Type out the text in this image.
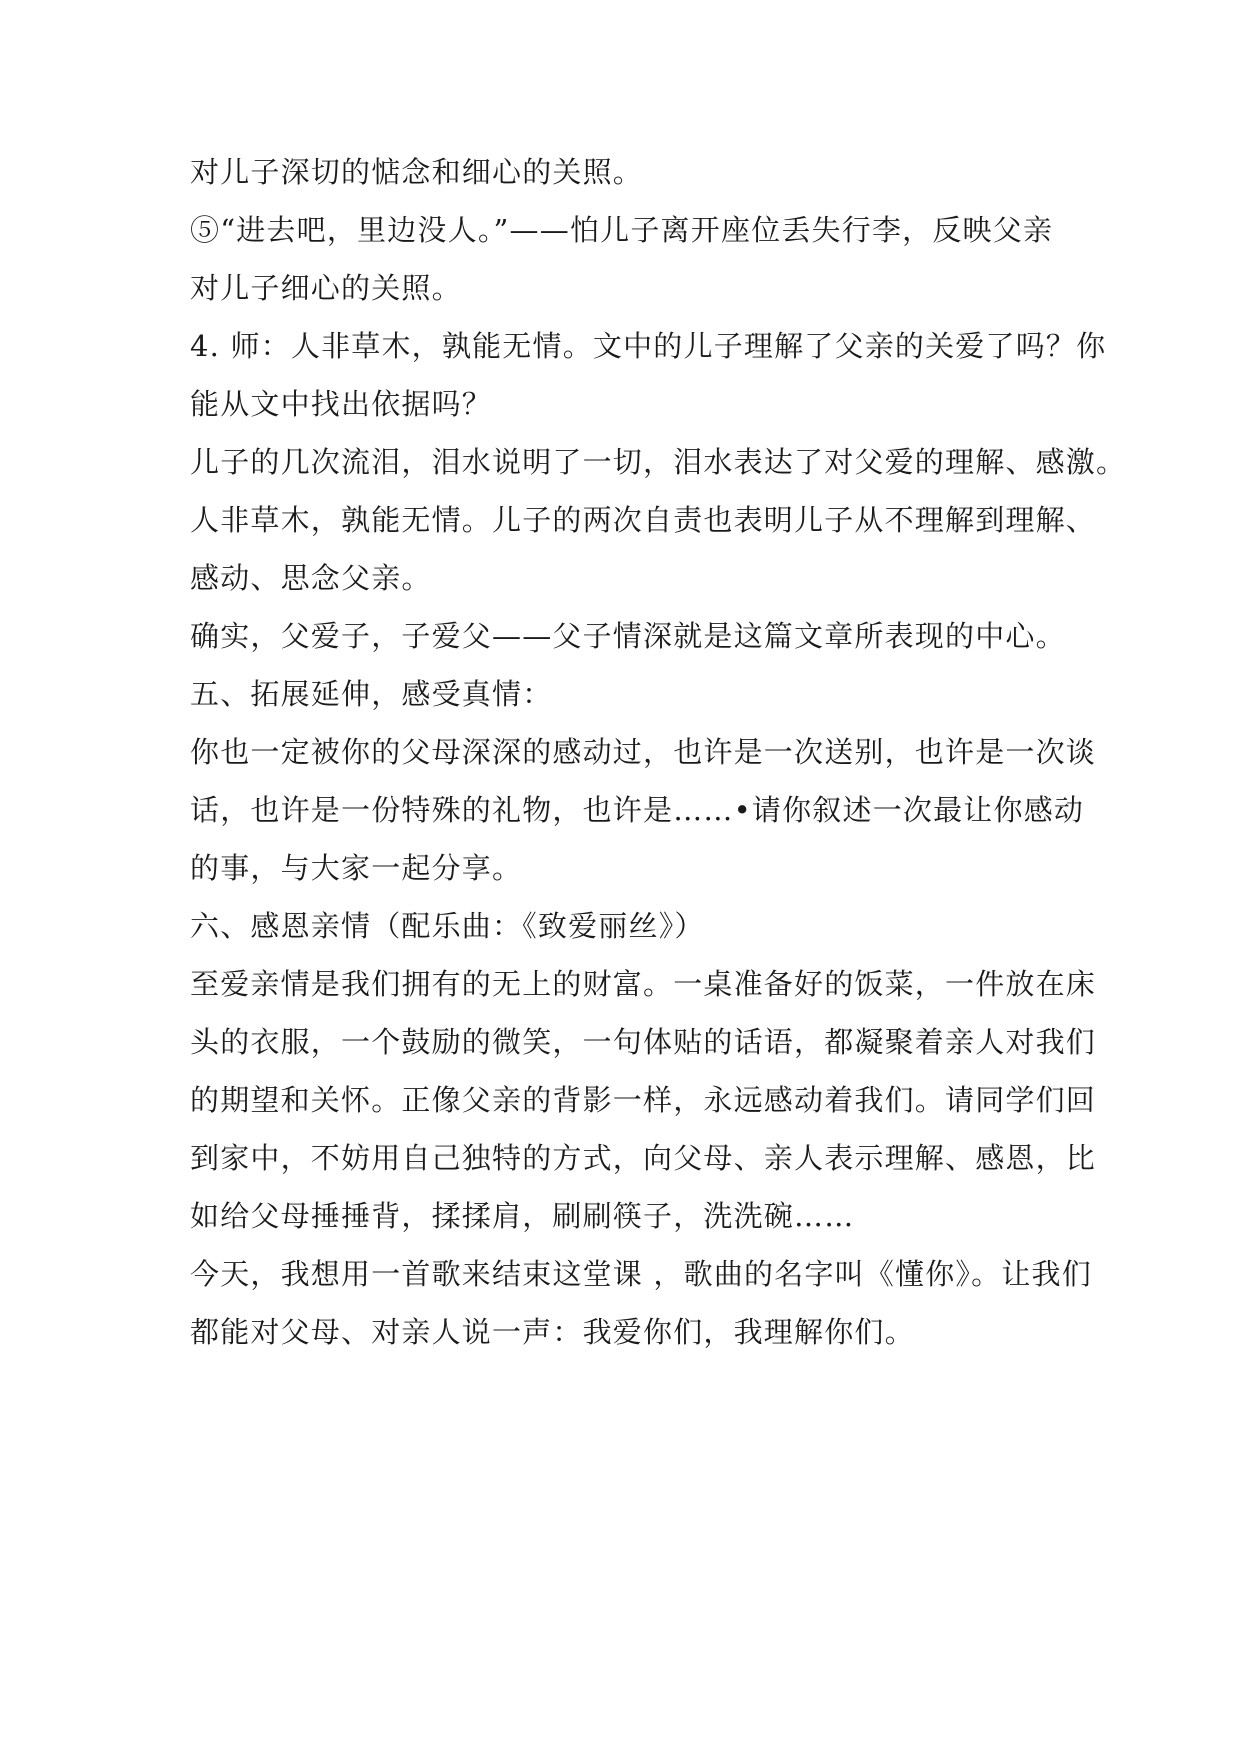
对儿子深切的惦念和细心的关照。
⑤“进去吧，里边没人。”——怕儿子离开座位丢失行李，反映父亲
对儿子细心的关照。
4. 师：人非草木，孰能无情。文中的儿子理解了父亲的关爱了吗？你
能从文中找出依据吗？
儿子的几次流泪，泪水说明了一切，泪水表达了对父爱的理解、感激。
人非草木，孰能无情。儿子的两次自责也表明儿子从不理解到理解、
感动、思念父亲。
确实，父爱子，子爱父——父子情深就是这篇文章所表现的中心。
五、拓展延伸，感受真情：
你也一定被你的父母深深的感动过，也许是一次送别，也许是一次谈
话，也许是一份特殊的礼物，也许是……•请你叙述一次最让你感动
的事，与大家一起分享。
六、感恩亲情（配乐曲：《致爱丽丝》）
至爱亲情是我们拥有的无上的财富。一桌准备好的饭菜，一件放在床
头的衣服，一个鼓励的微笑，一句体贴的话语，都凝聚着亲人对我们
的期望和关怀。正像父亲的背影一样，永远感动着我们。请同学们回
到家中，不妨用自己独特的方式，向父母、亲人表示理解、感恩，比
如给父母捶捶背，揉揉肩，刷刷筷子，洗洗碗……
今天，我想用一首歌来结束这堂课 ，歌曲的名字叫《懂你》。让我们
都能对父母、对亲人说一声：我爱你们，我理解你们。
